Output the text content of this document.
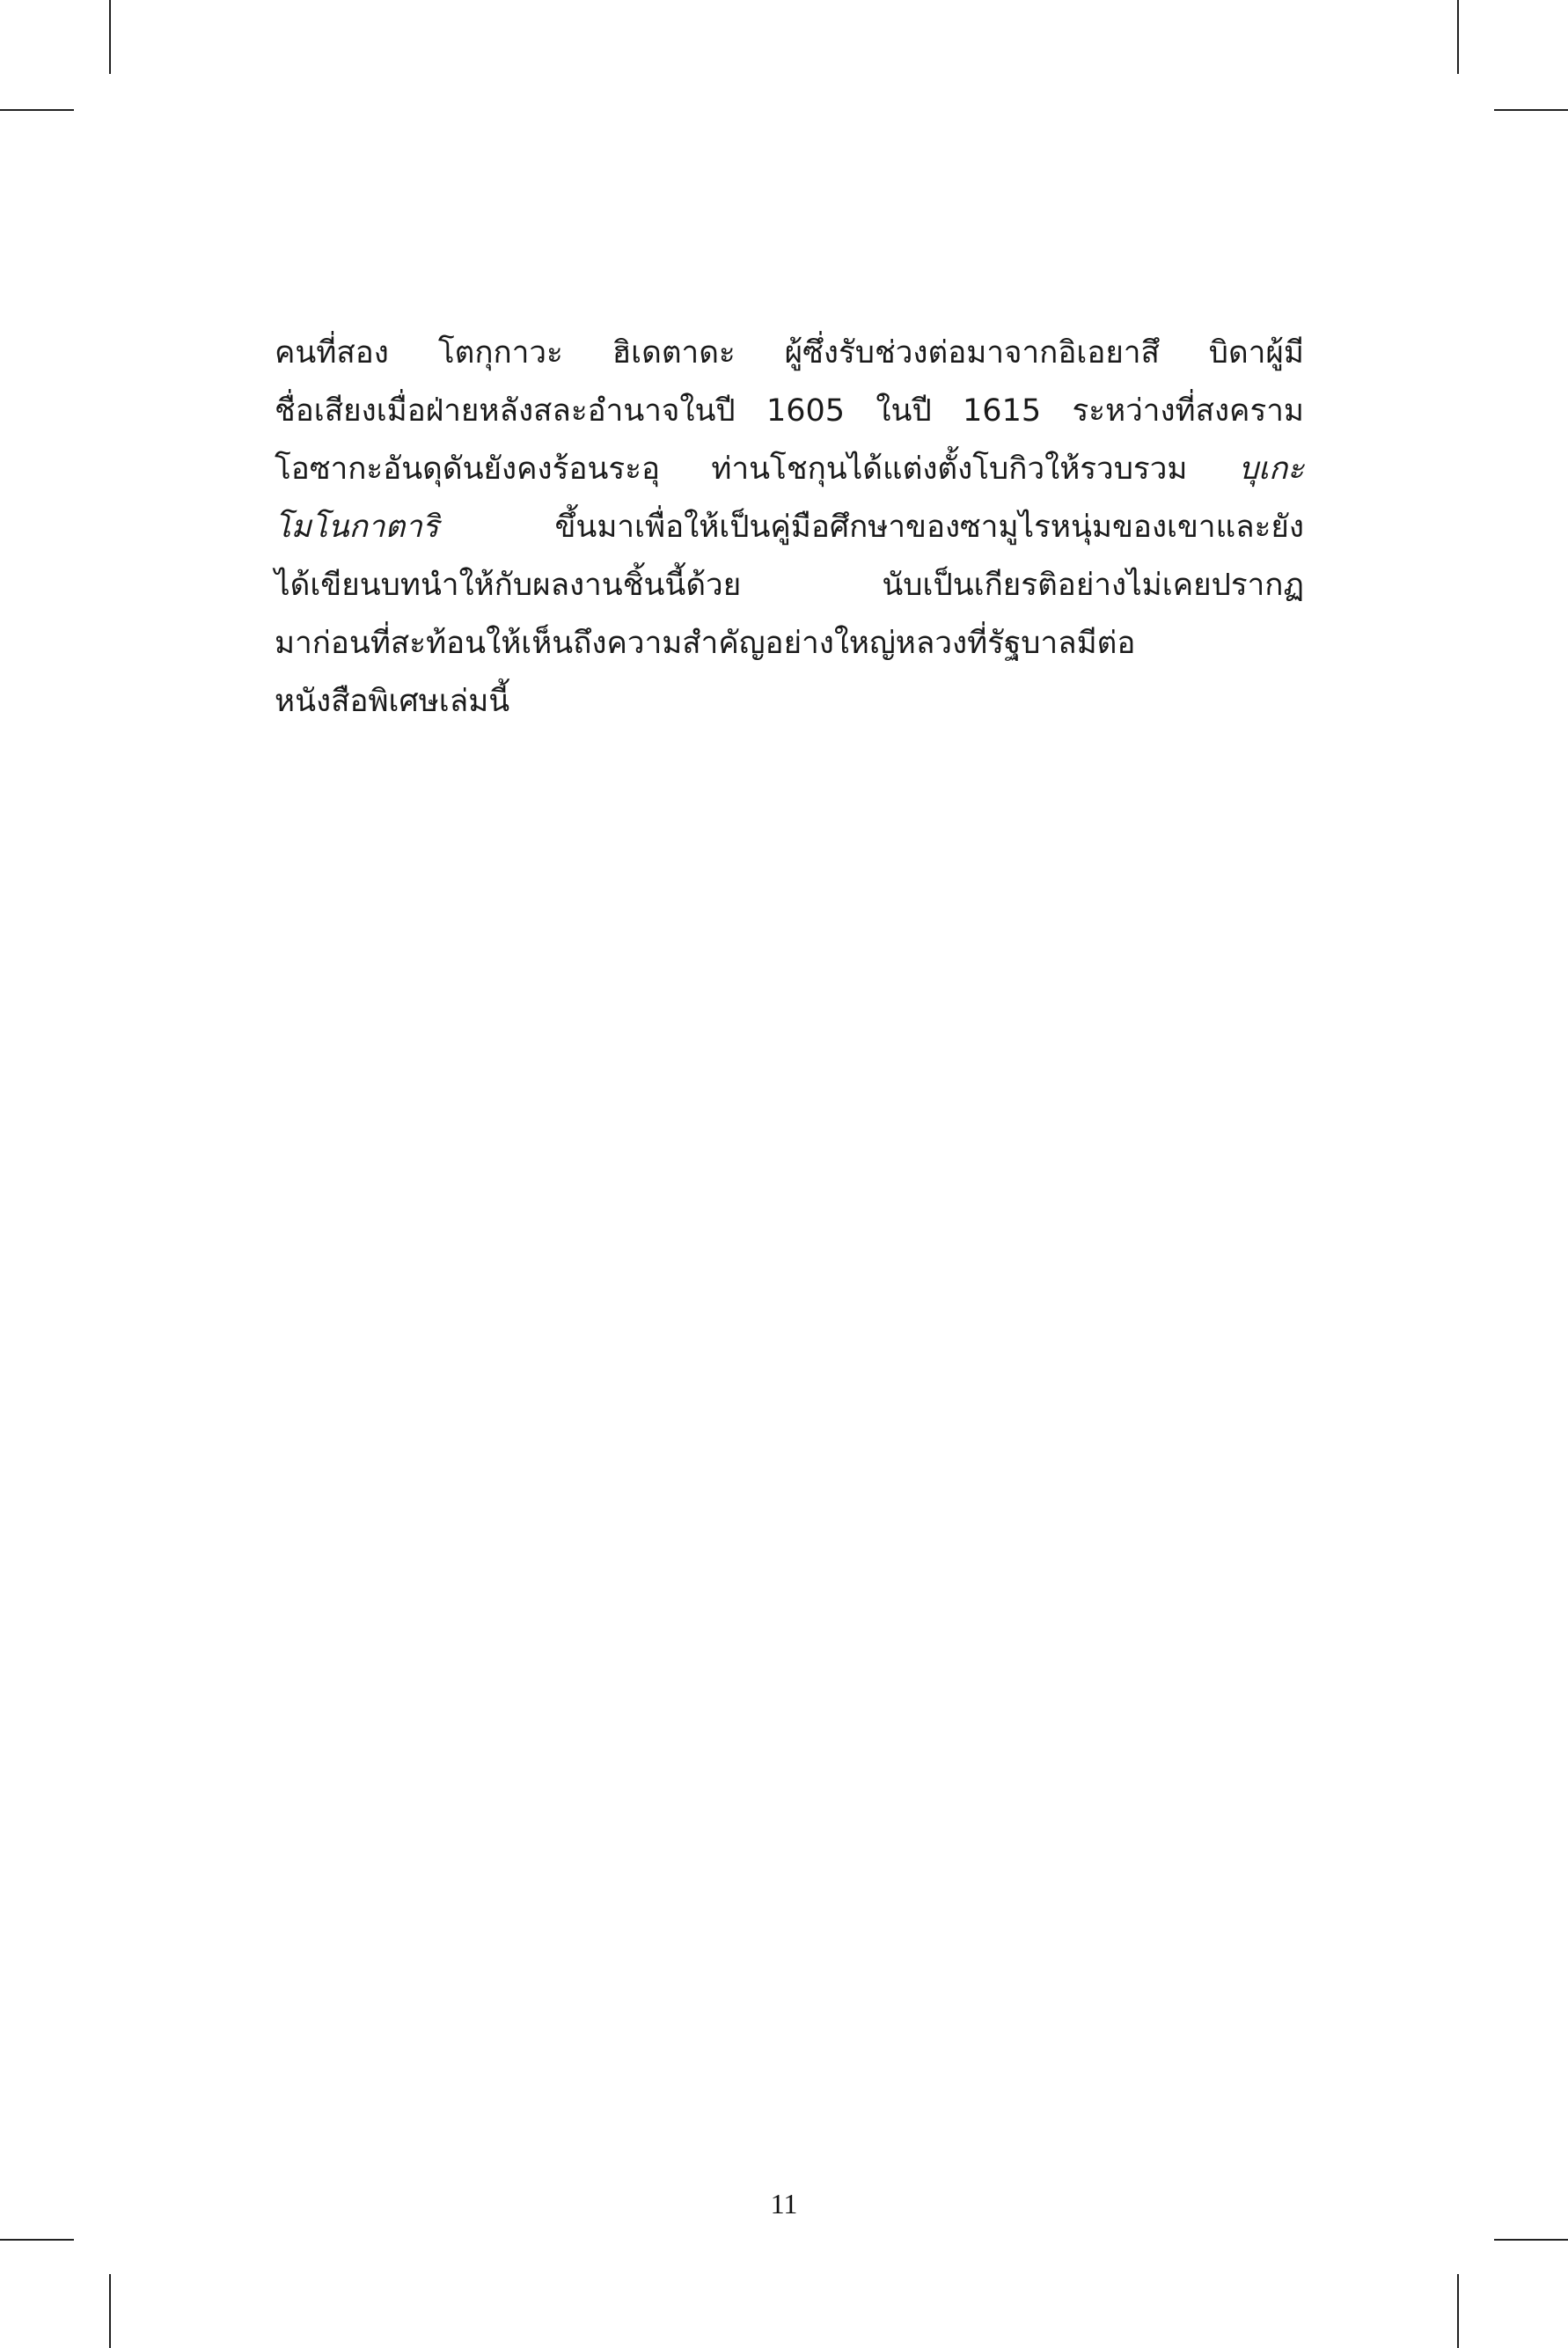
คนที่สอง โตกุกาวะ ฮิเดตาดะ ผู้ซึ่งรับช่วงต่อมาจากอิเอยาสึ บิดาผู้มี
ชื่อเสียงเมื่อฝ่ายหลังสละอำนาจในปี 1605 ในปี 1615 ระหว่างที่สงคราม
โอซากะอันดุดันยังคงร้อนระอุ ท่านโชกุนได้แต่งตั้งโบกิวให้รวบรวม บุเกะ
โมโนกาตาริ ขึ้นมาเพื่อให้เป็นคู่มือศึกษาของซามูไรหนุ่มของเขาและยัง
ได้เขียนบทนำให้กับผลงานชิ้นนี้ด้วย นับเป็นเกียรติอย่างไม่เคยปรากฏ
มาก่อนที่สะท้อนให้เห็นถึงความสำคัญอย่างใหญ่หลวงที่รัฐบาลมีต่อ
หนังสือพิเศษเล่มนี้
11
